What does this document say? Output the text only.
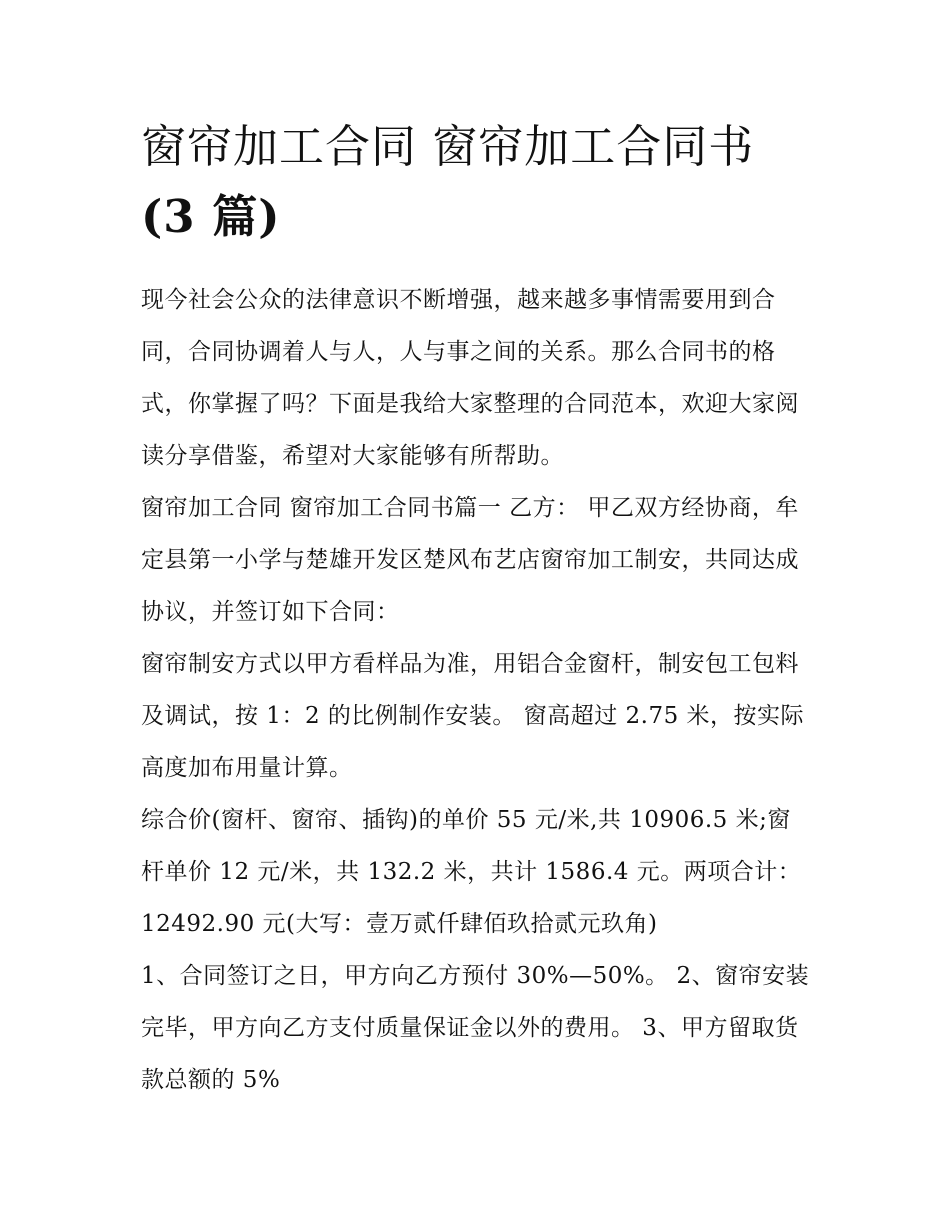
窗帘加工合同 窗帘加工合同书
(3 篇)

现今社会公众的法律意识不断增强，越来越多事情需要用到合同，合同协调着人与人，人与事之间的关系。那么合同书的格式，你掌握了吗？下面是我给大家整理的合同范本，欢迎大家阅读分享借鉴，希望对大家能够有所帮助。

窗帘加工合同 窗帘加工合同书篇一 乙方： 甲乙双方经协商，牟定县第一小学与楚雄开发区楚风布艺店窗帘加工制安，共同达成协议，并签订如下合同：

窗帘制安方式以甲方看样品为准，用铝合金窗杆，制安包工包料及调试，按 1：2 的比例制作安装。 窗高超过 2.75 米，按实际高度加布用量计算。

综合价(窗杆、窗帘、插钩)的单价 55 元/米,共 10906.5 米;窗杆单价 12 元/米，共 132.2 米，共计 1586.4 元。两项合计：

12492.90 元(大写：壹万贰仟肆佰玖拾贰元玖角)

1、合同签订之日，甲方向乙方预付 30%—50%。 2、窗帘安装完毕，甲方向乙方支付质量保证金以外的费用。 3、甲方留取货款总额的 5%
